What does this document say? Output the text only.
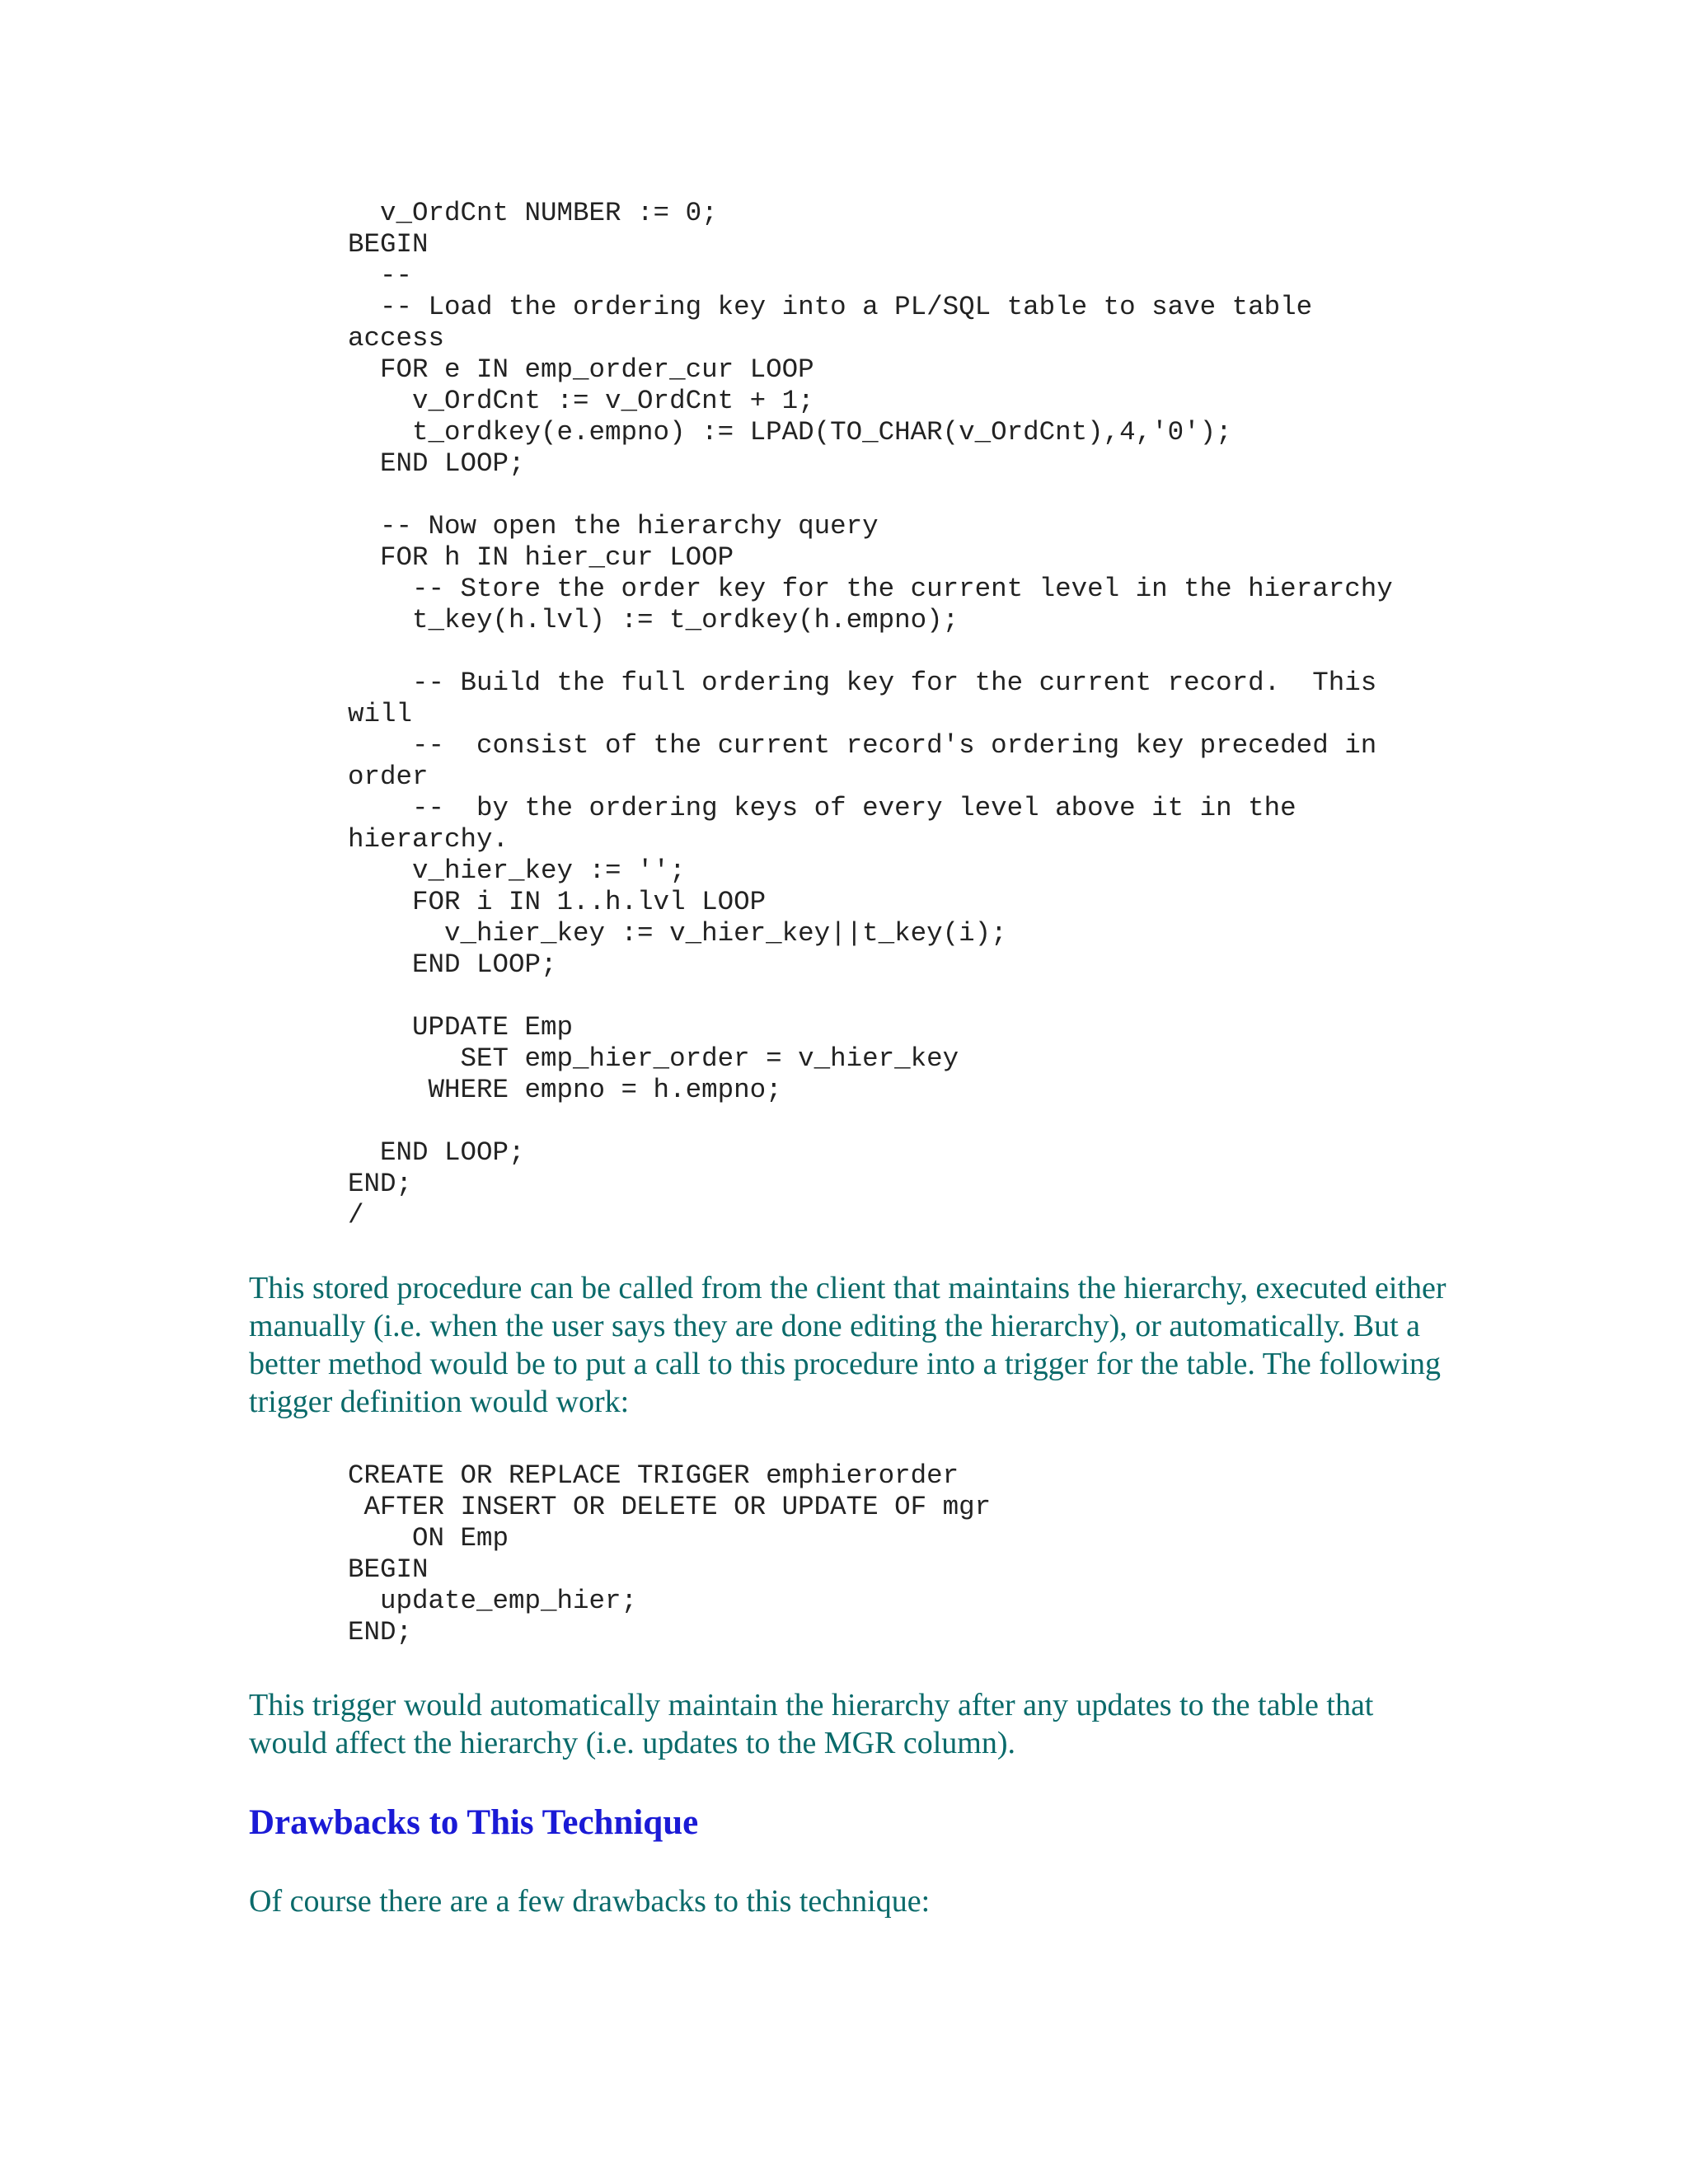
v_OrdCnt NUMBER := 0;
BEGIN
--
-- Load the ordering key into a PL/SQL table to save table
access
FOR e IN emp_order_cur LOOP
v_OrdCnt := v_OrdCnt + 1;
t_ordkey(e.empno) := LPAD(TO_CHAR(v_OrdCnt),4,'0');
END LOOP;

-- Now open the hierarchy query
FOR h IN hier_cur LOOP
-- Store the order key for the current level in the hierarchy
t_key(h.lvl) := t_ordkey(h.empno);

-- Build the full ordering key for the current record.  This
will
--  consist of the current record's ordering key preceded in
order
--  by the ordering keys of every level above it in the
hierarchy.
v_hier_key := '';
FOR i IN 1..h.lvl LOOP
v_hier_key := v_hier_key||t_key(i);
END LOOP;

UPDATE Emp
SET emp_hier_order = v_hier_key
WHERE empno = h.empno;

END LOOP;
END;
/

This stored procedure can be called from the client that maintains the hierarchy, executed either manually (i.e. when the user says they are done editing the hierarchy), or automatically. But a better method would be to put a call to this procedure into a trigger for the table. The following trigger definition would work:

CREATE OR REPLACE TRIGGER emphierorder
AFTER INSERT OR DELETE OR UPDATE OF mgr
ON Emp
BEGIN
update_emp_hier;
END;

This trigger would automatically maintain the hierarchy after any updates to the table that would affect the hierarchy (i.e. updates to the MGR column).

Drawbacks to This Technique

Of course there are a few drawbacks to this technique:
